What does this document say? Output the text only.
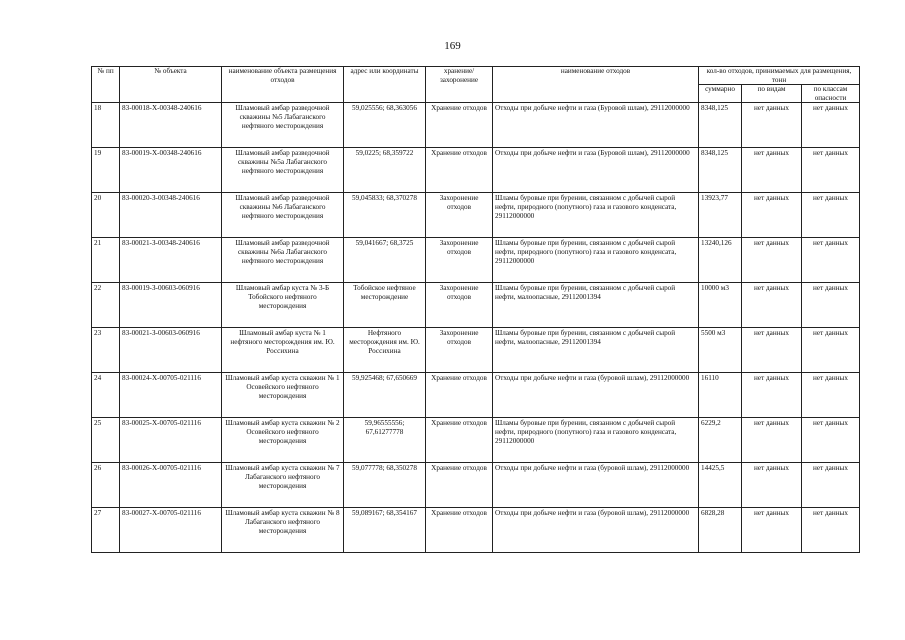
169
№ пп	№ объекта	наименование объекта размещения отходов	адрес или координаты	хранение/захоронение	наименование отходов	кол-во отходов, принимаемых для размещения, тонн		
						суммарно	по видам	по классам опасности
18	83-00018-Х-00348-240616	Шламовый амбар разведочной скважины №5 Лабаганского нефтяного месторождения	59,025556; 68,363056	Хранение отходов	Отходы при добыче нефти и газа (Буровой шлам), 29112000000	8348,125	нет данных	нет данных
19	83-00019-Х-00348-240616	Шламовый амбар разведочной скважины №5а Лабаганского нефтяного месторождения	59,0225; 68,359722	Хранение отходов	Отходы при добыче нефти и газа (Буровой шлам), 29112000000	8348,125	нет данных	нет данных
20	83-00020-З-00348-240616	Шламовый амбар разведочной скважины №6 Лабаганского нефтяного месторождения	59,045833; 68,370278	Захоронение отходов	Шламы буровые при бурении, связанном с добычей сырой нефти, природного (попутного) газа и газового конденсата, 29112000000	13923,77	нет данных	нет данных
21	83-00021-З-00348-240616	Шламовый амбар разведочной скважины №6а Лабаганского нефтяного месторождения	59,041667; 68,3725	Захоронение отходов	Шламы буровые при бурении, связанном с добычей сырой нефти, природного (попутного) газа и газового конденсата, 29112000000	13240,126	нет данных	нет данных
22	83-00019-З-00603-060916	Шламовый амбар куста № 3-Б Тобойского нефтяного месторождения	Тобойское нефтяное месторождение	Захоронение отходов	Шламы буровые при бурении, связанном с добычей сырой нефти, малоопасные, 29112001394	10000 м3	нет данных	нет данных
23	83-00021-З-00603-060916	Шламовый амбар куста № 1 нефтяного месторождения им. Ю. Россихина	Нефтяного месторождения им. Ю. Россихина	Захоронение отходов	Шламы буровые при бурении, связанном с добычей сырой нефти, малоопасные, 29112001394	5500 м3	нет данных	нет данных
24	83-00024-Х-00705-021116	Шламовый амбар куста скважин № 1 Осовейского нефтяного месторождения	59,925468; 67,650669	Хранение отходов	Отходы при добыче нефти и газа (буровой шлам), 29112000000	16110	нет данных	нет данных
25	83-00025-Х-00705-021116	Шламовый амбар куста скважин № 2 Осовейского нефтяного месторождения	59,96555556; 67,61277778	Хранение отходов	Шламы буровые при бурении, связанном с добычей сырой нефти, природного (попутного) газа и газового конденсата, 29112000000	6229,2	нет данных	нет данных
26	83-00026-Х-00705-021116	Шламовый амбар куста скважин № 7 Лабаганского нефтяного месторождения	59,077778; 68,350278	Хранение отходов	Отходы при добыче нефти и газа (буровой шлам), 29112000000	14425,5	нет данных	нет данных
27	83-00027-Х-00705-021116	Шламовый амбар куста скважин № 8 Лабаганского нефтяного месторождения	59,089167; 68,354167	Хранение отходов	Отходы при добыче нефти и газа (буровой шлам), 29112000000	6828,28	нет данных	нет данных
